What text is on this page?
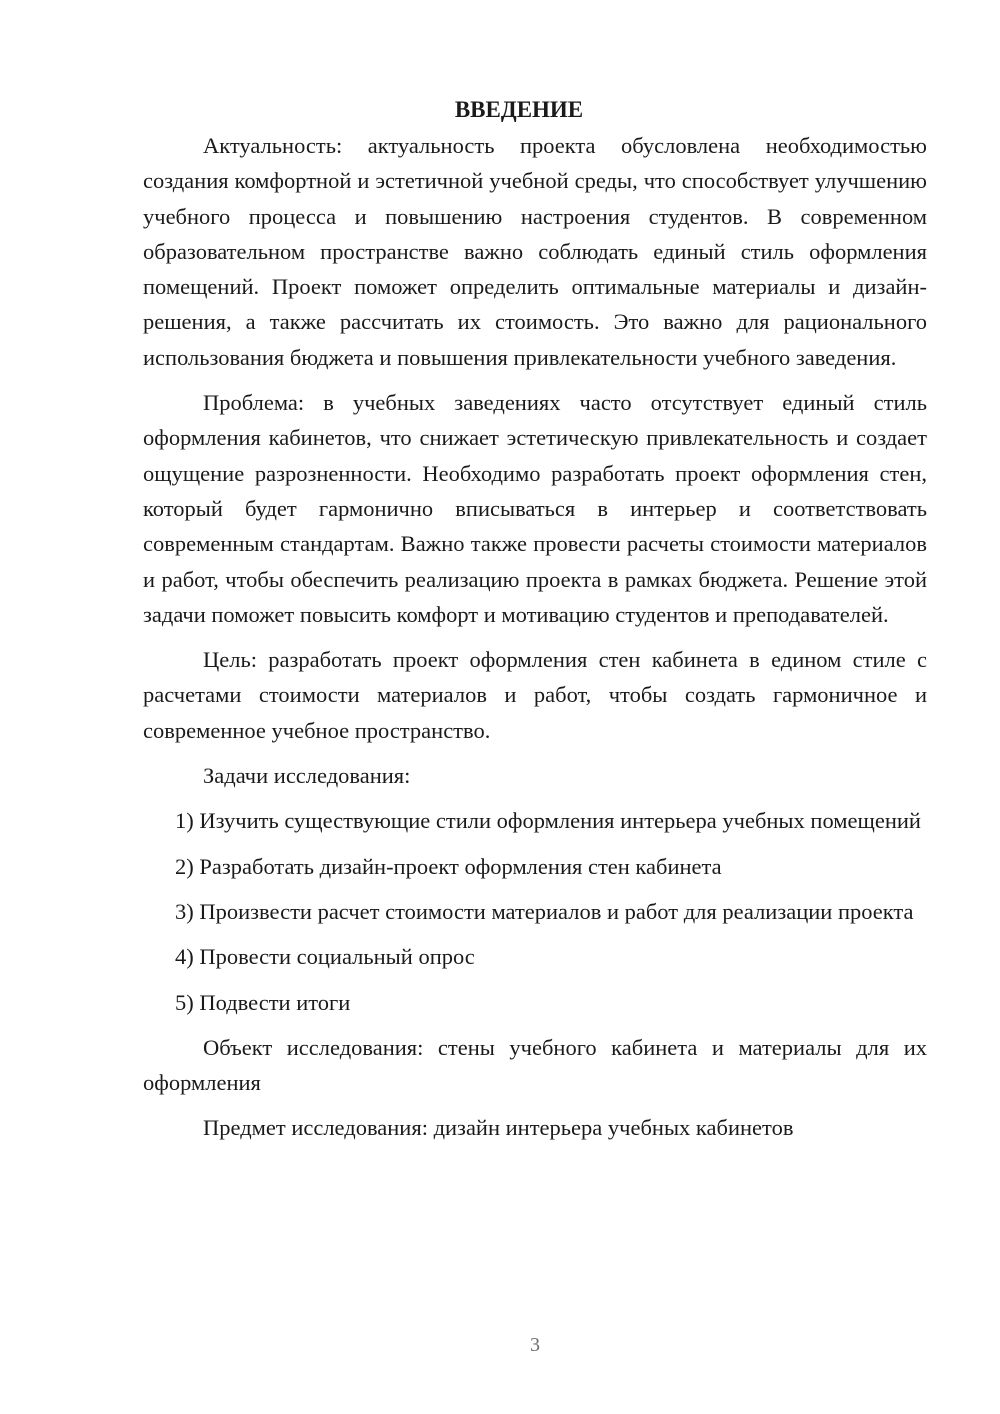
ВВЕДЕНИЕ

Актуальность: актуальность проекта обусловлена необходимостью создания комфортной и эстетичной учебной среды, что способствует улучшению учебного процесса и повышению настроения студентов. В современном образовательном пространстве важно соблюдать единый стиль оформления помещений. Проект поможет определить оптимальные материалы и дизайн-решения, а также рассчитать их стоимость. Это важно для рационального использования бюджета и повышения привлекательности учебного заведения.

Проблема: в учебных заведениях часто отсутствует единый стиль оформления кабинетов, что снижает эстетическую привлекательность и создает ощущение разрозненности. Необходимо разработать проект оформления стен, который будет гармонично вписываться в интерьер и соответствовать современным стандартам. Важно также провести расчеты стоимости материалов и работ, чтобы обеспечить реализацию проекта в рамках бюджета. Решение этой задачи поможет повысить комфорт и мотивацию студентов и преподавателей.

Цель: разработать проект оформления стен кабинета в едином стиле с расчетами стоимости материалов и работ, чтобы создать гармоничное и современное учебное пространство.

Задачи исследования:

1) Изучить существующие стили оформления интерьера учебных помещений

2) Разработать дизайн-проект оформления стен кабинета

3) Произвести расчет стоимости материалов и работ для реализации проекта

4) Провести социальный опрос

5) Подвести итоги

Объект исследования: стены учебного кабинета и материалы для их оформления

Предмет исследования: дизайн интерьера учебных кабинетов

3
